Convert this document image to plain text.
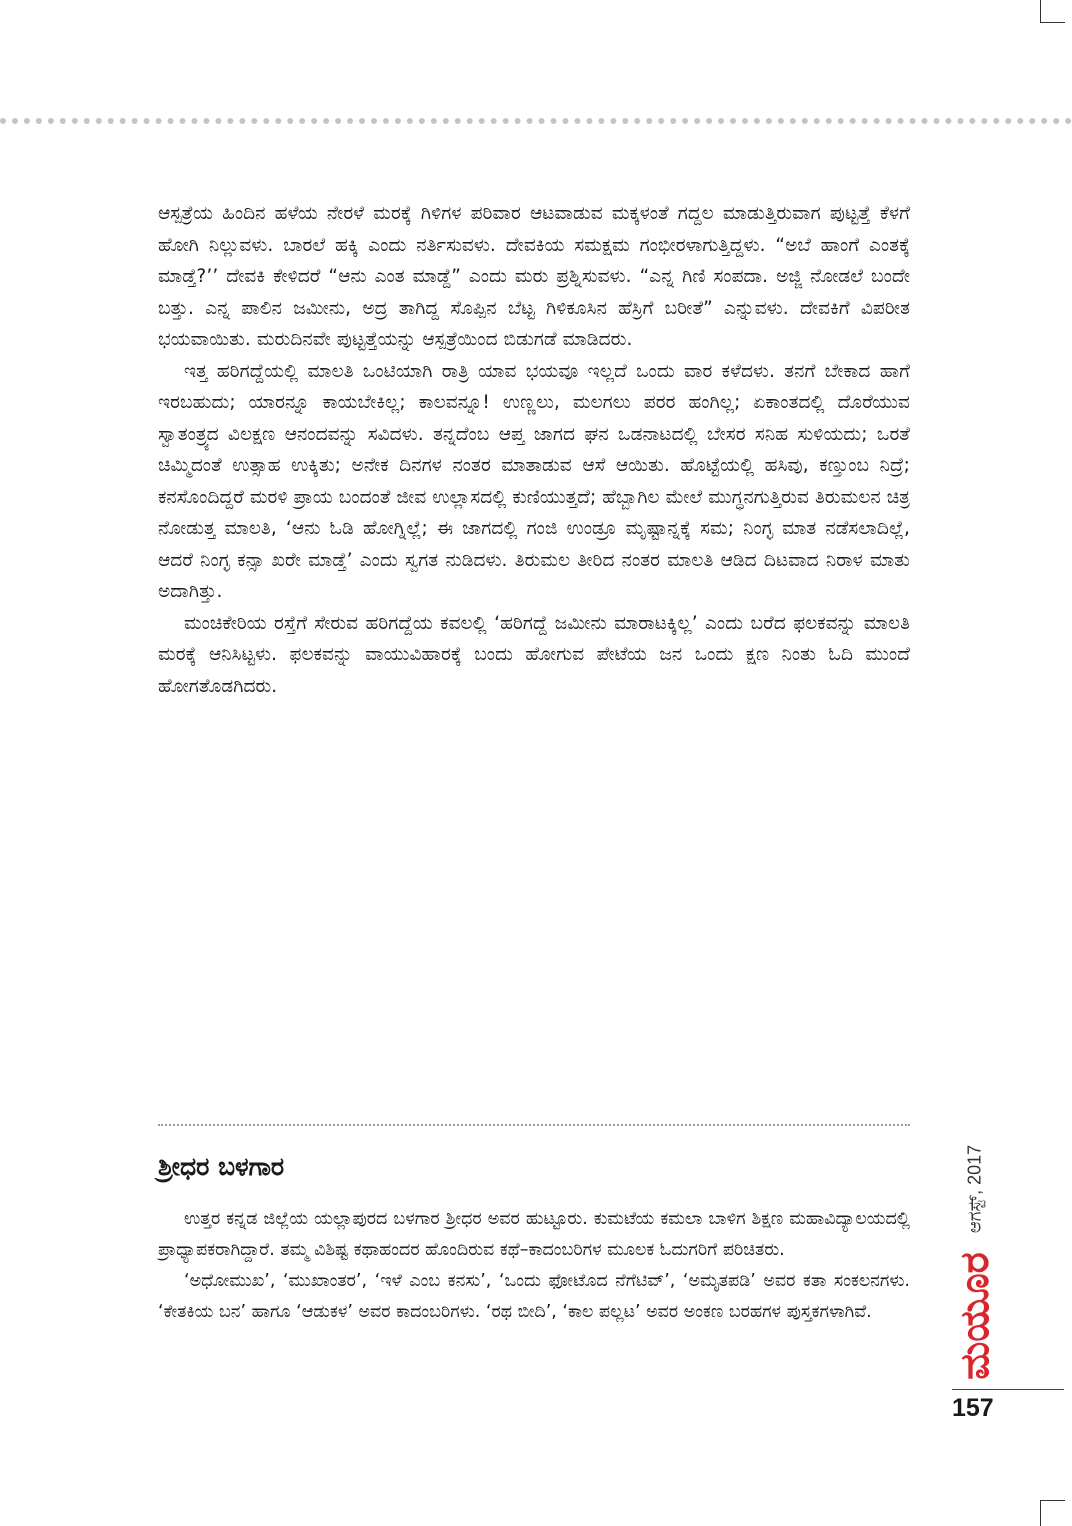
ಆಸ್ಪತ್ರೆಯ ಹಿಂದಿನ ಹಳೆಯ ನೇರಳೆ ಮರಕ್ಕೆ ಗಿಳಿಗಳ ಪರಿವಾರ ಆಟವಾಡುವ ಮಕ್ಕಳಂತೆ ಗದ್ದಲ ಮಾಡುತ್ತಿರುವಾಗ ಪುಟ್ಟತ್ತೆ ಕೆಳಗೆ ಹೋಗಿ ನಿಲ್ಲುವಳು. ಬಾರಲೆ ಹಕ್ಕಿ ಎಂದು ನರ್ತಿಸುವಳು. ದೇವಕಿಯ ಸಮಕ್ಷಮ ಗಂಭೀರಳಾಗುತ್ತಿದ್ದಳು. “ಅಬೆ ಹಾಂಗೆ ಎಂತಕ್ಕೆ ಮಾಡ್ತೆ?’’ ದೇವಕಿ ಕೇಳಿದರೆ “ಆನು ಎಂತ ಮಾಡ್ದೆ” ಎಂದು ಮರು ಪ್ರಶ್ನಿಸುವಳು. “ಎನ್ನ ಗಿಣಿ ಸಂಪದಾ. ಅಜ್ಜಿ ನೋಡಲೆ ಬಂದೇ ಬತ್ತು. ಎನ್ನ ಪಾಲಿನ ಜಮೀನು, ಅದ್ರ ತಾಗಿದ್ದ ಸೊಪ್ಪಿನ ಬೆಟ್ಟ ಗಿಳಿಕೂಸಿನ ಹೆಸ್ರಿಗೆ ಬರೀತೆ” ಎನ್ನುವಳು. ದೇವಕಿಗೆ ವಿಪರೀತ ಭಯವಾಯಿತು. ಮರುದಿನವೇ ಪುಟ್ಟತ್ತೆಯನ್ನು ಆಸ್ಪತ್ರೆಯಿಂದ ಬಿಡುಗಡೆ ಮಾಡಿದರು.

ಇತ್ತ ಹರಿಗದ್ದೆಯಲ್ಲಿ ಮಾಲತಿ ಒಂಟಿಯಾಗಿ ರಾತ್ರಿ ಯಾವ ಭಯವೂ ಇಲ್ಲದೆ ಒಂದು ವಾರ ಕಳೆದಳು. ತನಗೆ ಬೇಕಾದ ಹಾಗೆ ಇರಬಹುದು; ಯಾರನ್ನೂ ಕಾಯಬೇಕಿಲ್ಲ; ಕಾಲವನ್ನೂ! ಉಣ್ಣಲು, ಮಲಗಲು ಪರರ ಹಂಗಿಲ್ಲ; ಏಕಾಂತದಲ್ಲಿ ದೊರೆಯುವ ಸ್ವಾತಂತ್ರ್ಯದ ವಿಲಕ್ಷಣ ಆನಂದವನ್ನು ಸವಿದಳು. ತನ್ನದೆಂಬ ಆಪ್ತ ಜಾಗದ ಘನ ಒಡನಾಟದಲ್ಲಿ ಬೇಸರ ಸನಿಹ ಸುಳಿಯದು; ಒರತೆ ಚಿಮ್ಮಿದಂತೆ ಉತ್ಸಾಹ ಉಕ್ಕಿತು; ಅನೇಕ ದಿನಗಳ ನಂತರ ಮಾತಾಡುವ ಆಸೆ ಆಯಿತು. ಹೊಟ್ಟೆಯಲ್ಲಿ ಹಸಿವು, ಕಣ್ತುಂಬ ನಿದ್ರೆ; ಕನಸೊಂದಿದ್ದರೆ ಮರಳಿ ಪ್ರಾಯ ಬಂದಂತೆ ಜೀವ ಉಲ್ಲಾಸದಲ್ಲಿ ಕುಣಿಯುತ್ತದೆ; ಹೆಬ್ಬಾಗಿಲ ಮೇಲೆ ಮುಗ್ಧನಗುತ್ತಿರುವ ತಿರುಮಲನ ಚಿತ್ರ ನೋಡುತ್ತ ಮಾಲತಿ, ‘ಆನು ಓಡಿ ಹೋಗ್ನಿಲ್ಲೆ; ಈ ಜಾಗದಲ್ಲಿ ಗಂಜಿ ಉಂಡ್ರೂ ಮೃಷ್ಟಾನ್ನಕ್ಕೆ ಸಮ; ನಿಂಗ್ಳ ಮಾತ ನಡೆಸಲಾದಿಲ್ಲೆ, ಆದರೆ ನಿಂಗ್ಳ ಕನ್ಸಾ ಖರೇ ಮಾಡ್ತೆ’ ಎಂದು ಸ್ವಗತ ನುಡಿದಳು. ತಿರುಮಲ ತೀರಿದ ನಂತರ ಮಾಲತಿ ಆಡಿದ ದಿಟವಾದ ನಿರಾಳ ಮಾತು ಅದಾಗಿತ್ತು.

ಮಂಚಿಕೇರಿಯ ರಸ್ತೆಗೆ ಸೇರುವ ಹರಿಗದ್ದೆಯ ಕವಲಲ್ಲಿ ‘ಹರಿಗದ್ದೆ ಜಮೀನು ಮಾರಾಟಕ್ಕಿಲ್ಲ’ ಎಂದು ಬರೆದ ಫಲಕವನ್ನು ಮಾಲತಿ ಮರಕ್ಕೆ ಆನಿಸಿಟ್ಟಳು. ಫಲಕವನ್ನು ವಾಯುವಿಹಾರಕ್ಕೆ ಬಂದು ಹೋಗುವ ಪೇಟೆಯ ಜನ ಒಂದು ಕ್ಷಣ ನಿಂತು ಓದಿ ಮುಂದೆ ಹೋಗತೊಡಗಿದರು.

ಶ್ರೀಧರ ಬಳಗಾರ

ಉತ್ತರ ಕನ್ನಡ ಜಿಲ್ಲೆಯ ಯಲ್ಲಾಪುರದ ಬಳಗಾರ ಶ್ರೀಧರ ಅವರ ಹುಟ್ಟೂರು. ಕುಮಟೆಯ ಕಮಲಾ ಬಾಳಿಗ ಶಿಕ್ಷಣ ಮಹಾವಿದ್ಯಾಲಯದಲ್ಲಿ ಪ್ರಾಧ್ಯಾಪಕರಾಗಿದ್ದಾರೆ. ತಮ್ಮ ವಿಶಿಷ್ಟ ಕಥಾಹಂದರ ಹೊಂದಿರುವ ಕಥೆ–ಕಾದಂಬರಿಗಳ ಮೂಲಕ ಓದುಗರಿಗೆ ಪರಿಚಿತರು.

‘ಅಧೋಮುಖ’, ‘ಮುಖಾಂತರ’, ‘ಇಳೆ ಎಂಬ ಕನಸು’, ‘ಒಂದು ಫೋಟೊದ ನೆಗೆಟಿವ್’, ‘ಅಮೃತಪಡಿ’ ಅವರ ಕತಾ ಸಂಕಲನಗಳು. ‘ಕೇತಕಿಯ ಬನ’ ಹಾಗೂ ‘ಆಡುಕಳ’ ಅವರ ಕಾದಂಬರಿಗಳು. ‘ರಥ ಬೀದಿ’, ‘ಕಾಲ ಪಲ್ಲಟ’ ಅವರ ಅಂಕಣ ಬರಹಗಳ ಪುಸ್ತಕಗಳಾಗಿವೆ.

ಆಗಸ್ಟ್, 2017
ಮಯೂರ
157
